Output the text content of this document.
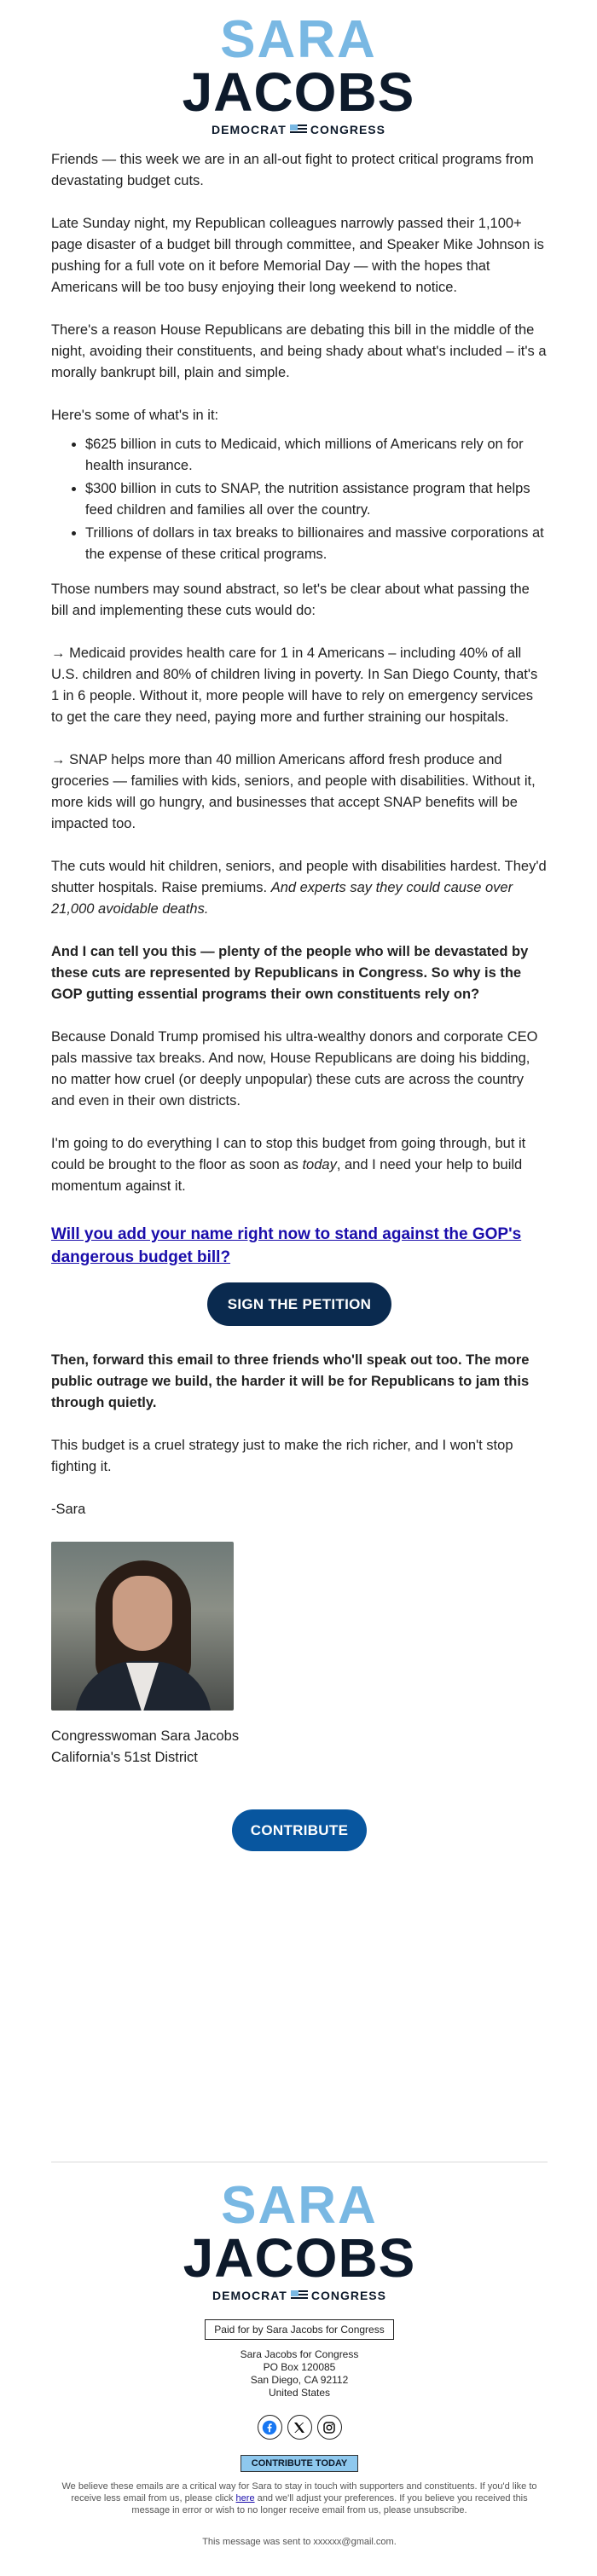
SARA
JACOBS
DEMOCRAT CONGRESS

Friends — this week we are in an all-out fight to protect critical programs from devastating budget cuts.

Late Sunday night, my Republican colleagues narrowly passed their 1,100+ page disaster of a budget bill through committee, and Speaker Mike Johnson is pushing for a full vote on it before Memorial Day — with the hopes that Americans will be too busy enjoying their long weekend to notice.

There's a reason House Republicans are debating this bill in the middle of the night, avoiding their constituents, and being shady about what's included – it's a morally bankrupt bill, plain and simple.

Here's some of what's in it:

• $625 billion in cuts to Medicaid, which millions of Americans rely on for health insurance.
• $300 billion in cuts to SNAP, the nutrition assistance program that helps feed children and families all over the country.
• Trillions of dollars in tax breaks to billionaires and massive corporations at the expense of these critical programs.

Those numbers may sound abstract, so let's be clear about what passing the bill and implementing these cuts would do:

→ Medicaid provides health care for 1 in 4 Americans – including 40% of all U.S. children and 80% of children living in poverty. In San Diego County, that's 1 in 6 people. Without it, more people will have to rely on emergency services to get the care they need, paying more and further straining our hospitals.

→ SNAP helps more than 40 million Americans afford fresh produce and groceries — families with kids, seniors, and people with disabilities. Without it, more kids will go hungry, and businesses that accept SNAP benefits will be impacted too.

The cuts would hit children, seniors, and people with disabilities hardest. They'd shutter hospitals. Raise premiums. And experts say they could cause over 21,000 avoidable deaths.

And I can tell you this — plenty of the people who will be devastated by these cuts are represented by Republicans in Congress. So why is the GOP gutting essential programs their own constituents rely on?

Because Donald Trump promised his ultra-wealthy donors and corporate CEO pals massive tax breaks. And now, House Republicans are doing his bidding, no matter how cruel (or deeply unpopular) these cuts are across the country and even in their own districts.

I'm going to do everything I can to stop this budget from going through, but it could be brought to the floor as soon as today, and I need your help to build momentum against it.

Will you add your name right now to stand against the GOP's dangerous budget bill?
SIGN THE PETITION

Then, forward this email to three friends who'll speak out too. The more public outrage we build, the harder it will be for Republicans to jam this through quietly.

This budget is a cruel strategy just to make the rich richer, and I won't stop fighting it.

-Sara

Congresswoman Sara Jacobs
California's 51st District
CONTRIBUTE
SARA
JACOBS
DEMOCRAT CONGRESS
Paid for by Sara Jacobs for Congress
Sara Jacobs for Congress
PO Box 120085
San Diego, CA 92112
United States
CONTRIBUTE TODAY
We believe these emails are a critical way for Sara to stay in touch with supporters and constituents. If you'd like to receive less email from us, please click here and we'll adjust your preferences. If you believe you received this message in error or wish to no longer receive email from us, please unsubscribe.
This message was sent to xxxxxx@gmail.com.
